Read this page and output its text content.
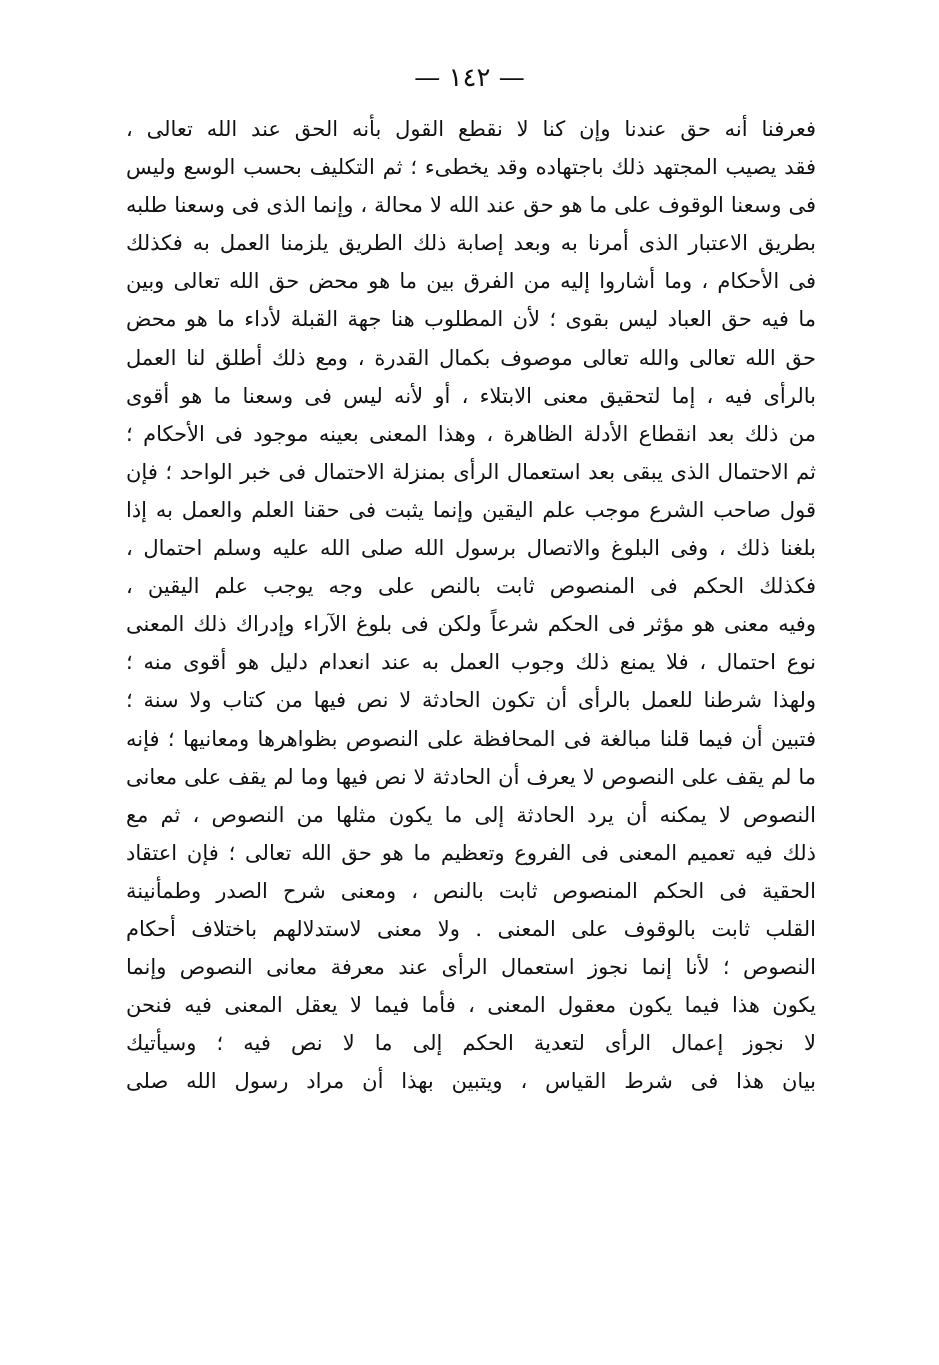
— ١٤٢ —
فعرفنا أنه حق عندنا وإن كنا لا نقطع القول بأنه الحق عند الله تعالى ،
فقد يصيب المجتهد ذلك باجتهاده وقد يخطىء ؛ ثم التكليف بحسب الوسع وليس
فى وسعنا الوقوف على ما هو حق عند الله لا محالة ، وإنما الذى فى وسعنا طلبه
بطريق الاعتبار الذى أمرنا به وبعد إصابة ذلك الطريق يلزمنا العمل به فكذلك
فى الأحكام ، وما أشاروا إليه من الفرق بين ما هو محض حق الله تعالى وبين
ما فيه حق العباد ليس بقوى ؛ لأن المطلوب هنا جهة القبلة لأداء ما هو محض
حق الله تعالى والله تعالى موصوف بكمال القدرة ، ومع ذلك أطلق لنا العمل
بالرأى فيه ، إما لتحقيق معنى الابتلاء ، أو لأنه ليس فى وسعنا ما هو أقوى
من ذلك بعد انقطاع الأدلة الظاهرة ، وهذا المعنى بعينه موجود فى الأحكام ؛
ثم الاحتمال الذى يبقى بعد استعمال الرأى بمنزلة الاحتمال فى خبر الواحد ؛ فإن
قول صاحب الشرع موجب علم اليقين وإنما يثبت فى حقنا العلم والعمل به إذا
بلغنا ذلك ، وفى البلوغ والاتصال برسول الله صلى الله عليه وسلم احتمال ،
فكذلك الحكم فى المنصوص ثابت بالنص على وجه يوجب علم اليقين ،
وفيه معنى هو مؤثر فى الحكم شرعاً ولكن فى بلوغ الآراء وإدراك ذلك المعنى
نوع احتمال ، فلا يمنع ذلك وجوب العمل به عند انعدام دليل هو أقوى منه ؛
ولهذا شرطنا للعمل بالرأى أن تكون الحادثة لا نص فيها من كتاب ولا سنة ؛
فتبين أن فيما قلنا مبالغة فى المحافظة على النصوص بظواهرها ومعانيها ؛ فإنه
ما لم يقف على النصوص لا يعرف أن الحادثة لا نص فيها وما لم يقف على معانى
النصوص لا يمكنه أن يرد الحادثة إلى ما يكون مثلها من النصوص ، ثم مع
ذلك فيه تعميم المعنى فى الفروع وتعظيم ما هو حق الله تعالى ؛ فإن اعتقاد
الحقية فى الحكم المنصوص ثابت بالنص ، ومعنى شرح الصدر وطمأنينة
القلب ثابت بالوقوف على المعنى . ولا معنى لاستدلالهم باختلاف أحكام
النصوص ؛ لأنا إنما نجوز استعمال الرأى عند معرفة معانى النصوص وإنما
يكون هذا فيما يكون معقول المعنى ، فأما فيما لا يعقل المعنى فيه فنحن
لا نجوز إعمال الرأى لتعدية الحكم إلى ما لا نص فيه ؛ وسيأتيك
بيان هذا فى شرط القياس ، ويتبين بهذا أن مراد رسول الله صلى
